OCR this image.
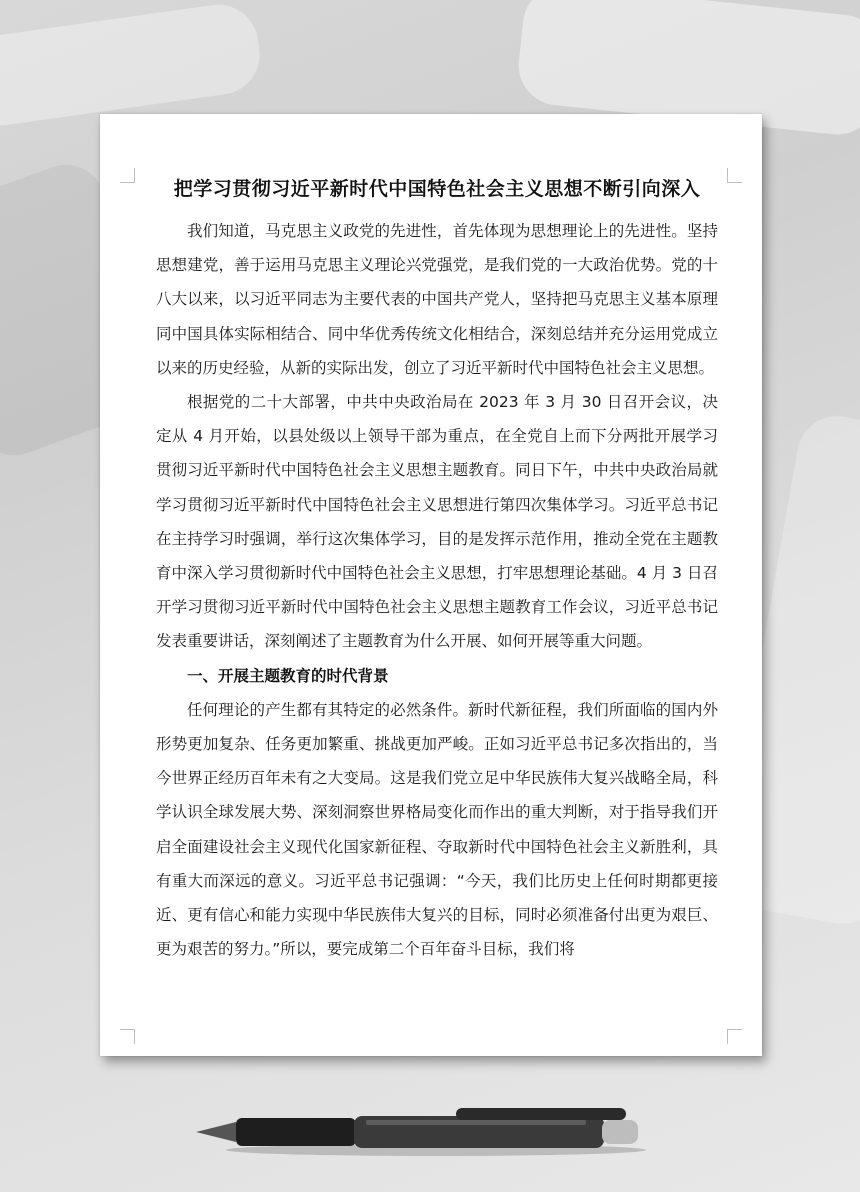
把学习贯彻习近平新时代中国特色社会主义思想不断引向深入

我们知道，马克思主义政党的先进性，首先体现为思想理论上的先进性。坚持思想建党，善于运用马克思主义理论兴党强党，是我们党的一大政治优势。党的十八大以来，以习近平同志为主要代表的中国共产党人，坚持把马克思主义基本原理同中国具体实际相结合、同中华优秀传统文化相结合，深刻总结并充分运用党成立以来的历史经验，从新的实际出发，创立了习近平新时代中国特色社会主义思想。

根据党的二十大部署，中共中央政治局在 2023 年 3 月 30 日召开会议，决定从 4 月开始，以县处级以上领导干部为重点，在全党自上而下分两批开展学习贯彻习近平新时代中国特色社会主义思想主题教育。同日下午，中共中央政治局就学习贯彻习近平新时代中国特色社会主义思想进行第四次集体学习。习近平总书记在主持学习时强调，举行这次集体学习，目的是发挥示范作用，推动全党在主题教育中深入学习贯彻新时代中国特色社会主义思想，打牢思想理论基础。4 月 3 日召开学习贯彻习近平新时代中国特色社会主义思想主题教育工作会议，习近平总书记发表重要讲话，深刻阐述了主题教育为什么开展、如何开展等重大问题。

一、开展主题教育的时代背景

任何理论的产生都有其特定的必然条件。新时代新征程，我们所面临的国内外形势更加复杂、任务更加繁重、挑战更加严峻。正如习近平总书记多次指出的，当今世界正经历百年未有之大变局。这是我们党立足中华民族伟大复兴战略全局，科学认识全球发展大势、深刻洞察世界格局变化而作出的重大判断，对于指导我们开启全面建设社会主义现代化国家新征程、夺取新时代中国特色社会主义新胜利，具有重大而深远的意义。习近平总书记强调：“今天，我们比历史上任何时期都更接近、更有信心和能力实现中华民族伟大复兴的目标，同时必须准备付出更为艰巨、更为艰苦的努力。”所以，要完成第二个百年奋斗目标，我们将
